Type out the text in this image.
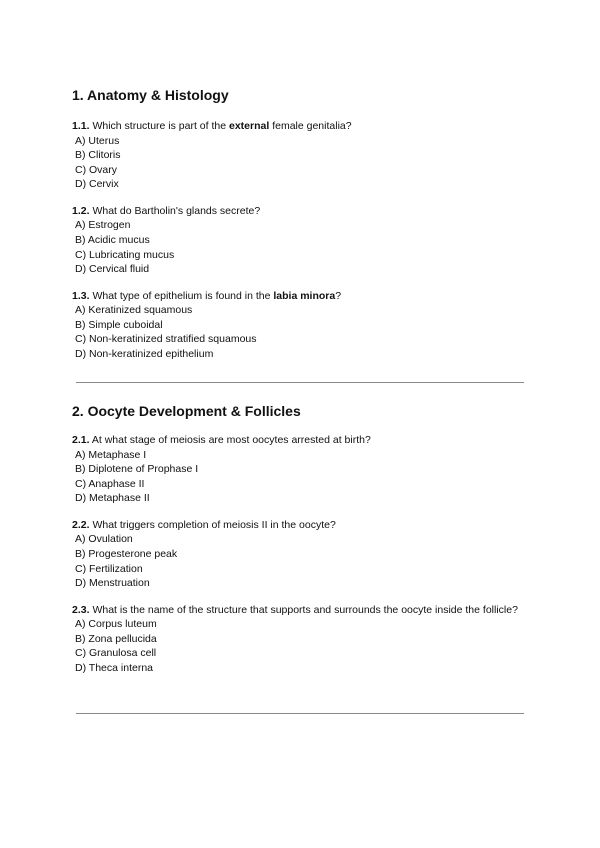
1. Anatomy & Histology

1.1. Which structure is part of the external female genitalia?

A) Uterus

B) Clitoris

C) Ovary

D) Cervix

1.2. What do Bartholin's glands secrete?

A) Estrogen

B) Acidic mucus

C) Lubricating mucus

D) Cervical fluid

1.3. What type of epithelium is found in the labia minora?

A) Keratinized squamous

B) Simple cuboidal

C) Non-keratinized stratified squamous

D) Non-keratinized epithelium

2. Oocyte Development & Follicles

2.1. At what stage of meiosis are most oocytes arrested at birth?

A) Metaphase I

B) Diplotene of Prophase I

C) Anaphase II

D) Metaphase II

2.2. What triggers completion of meiosis II in the oocyte?

A) Ovulation

B) Progesterone peak

C) Fertilization

D) Menstruation

2.3. What is the name of the structure that supports and surrounds the oocyte inside the follicle?

A) Corpus luteum

B) Zona pellucida

C) Granulosa cell

D) Theca interna
